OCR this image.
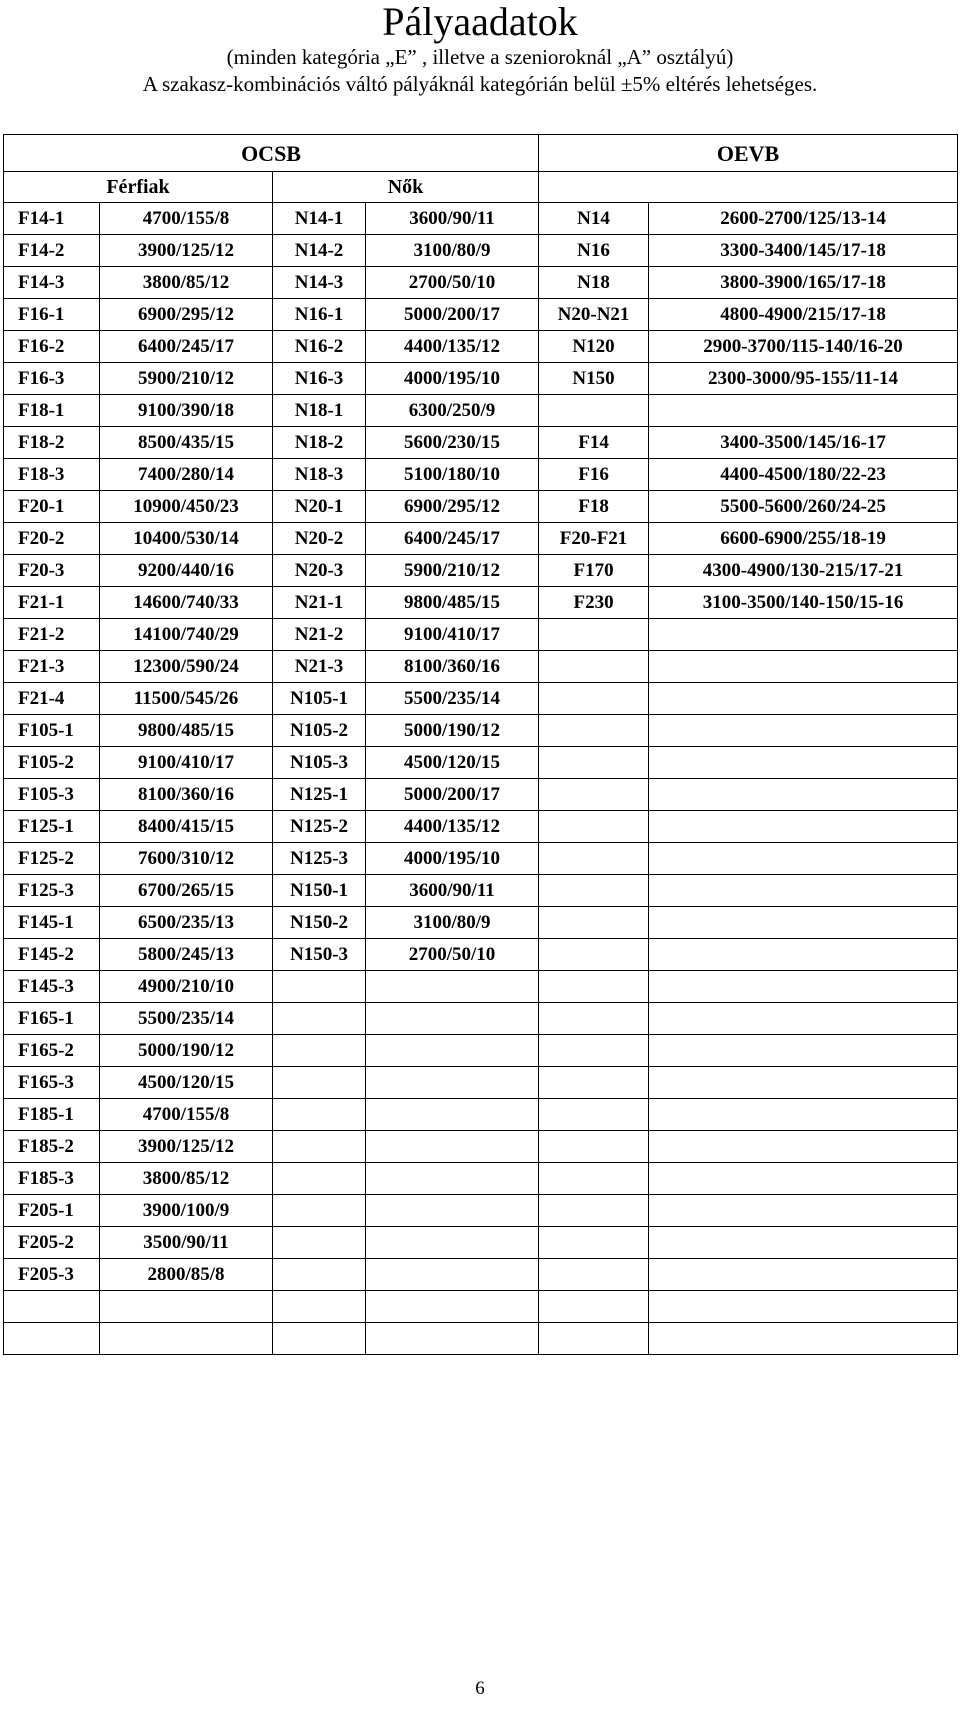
Pályaadatok
(minden kategória „E” , illetve a szenioroknál „A” osztályú)
A szakasz-kombinációs váltó pályáknál kategórián belül ±5% eltérés lehetséges.
OCSB				OEVB	
Férfiak		Nők			
F14-1	4700/155/8	N14-1	3600/90/11	N14	2600-2700/125/13-14
F14-2	3900/125/12	N14-2	3100/80/9	N16	3300-3400/145/17-18
F14-3	3800/85/12	N14-3	2700/50/10	N18	3800-3900/165/17-18
F16-1	6900/295/12	N16-1	5000/200/17	N20-N21	4800-4900/215/17-18
F16-2	6400/245/17	N16-2	4400/135/12	N120	2900-3700/115-140/16-20
F16-3	5900/210/12	N16-3	4000/195/10	N150	2300-3000/95-155/11-14
F18-1	9100/390/18	N18-1	6300/250/9		
F18-2	8500/435/15	N18-2	5600/230/15	F14	3400-3500/145/16-17
F18-3	7400/280/14	N18-3	5100/180/10	F16	4400-4500/180/22-23
F20-1	10900/450/23	N20-1	6900/295/12	F18	5500-5600/260/24-25
F20-2	10400/530/14	N20-2	6400/245/17	F20-F21	6600-6900/255/18-19
F20-3	9200/440/16	N20-3	5900/210/12	F170	4300-4900/130-215/17-21
F21-1	14600/740/33	N21-1	9800/485/15	F230	3100-3500/140-150/15-16
F21-2	14100/740/29	N21-2	9100/410/17		
F21-3	12300/590/24	N21-3	8100/360/16		
F21-4	11500/545/26	N105-1	5500/235/14		
F105-1	9800/485/15	N105-2	5000/190/12		
F105-2	9100/410/17	N105-3	4500/120/15		
F105-3	8100/360/16	N125-1	5000/200/17		
F125-1	8400/415/15	N125-2	4400/135/12		
F125-2	7600/310/12	N125-3	4000/195/10		
F125-3	6700/265/15	N150-1	3600/90/11		
F145-1	6500/235/13	N150-2	3100/80/9		
F145-2	5800/245/13	N150-3	2700/50/10		
F145-3	4900/210/10				
F165-1	5500/235/14				
F165-2	5000/190/12				
F165-3	4500/120/15				
F185-1	4700/155/8				
F185-2	3900/125/12				
F185-3	3800/85/12				
F205-1	3900/100/9				
F205-2	3500/90/11				
F205-3	2800/85/8				

6
